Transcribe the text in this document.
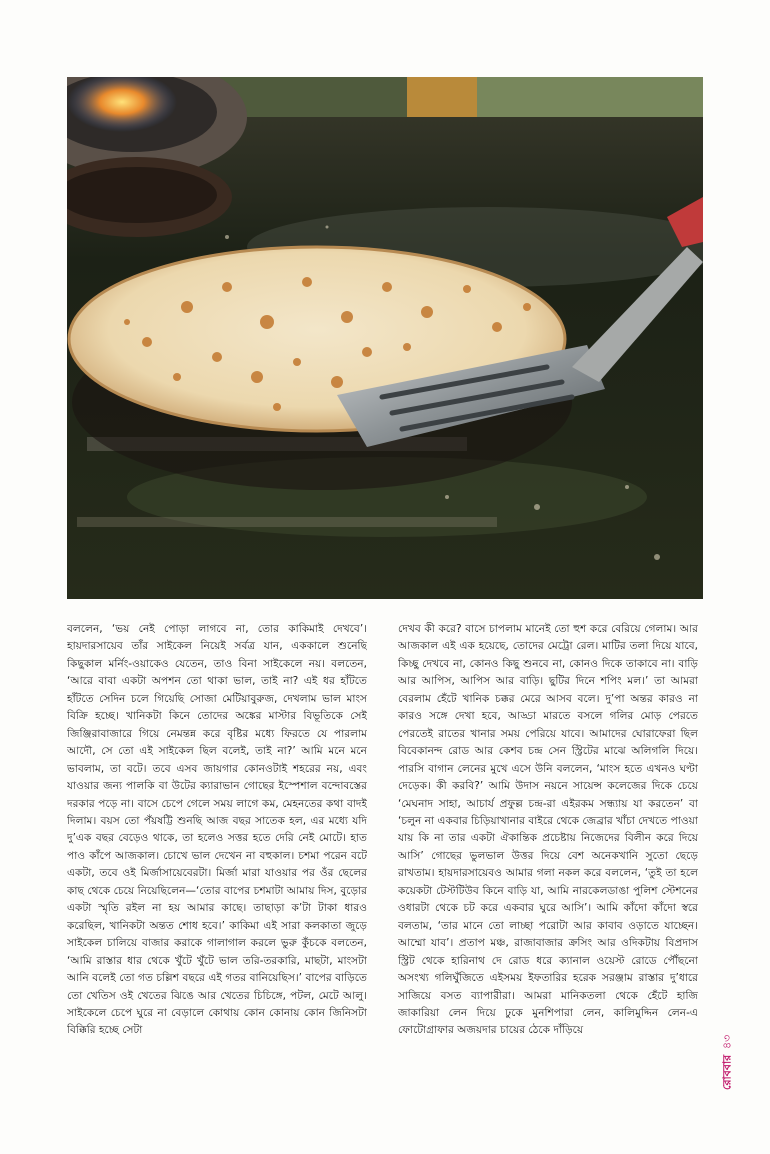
বললেন, ‘ভয় নেই পোড়া লাগবে না, তোর কাকিমাই দেখবে’। হায়দারসায়েব তাঁর সাইকেল নিয়েই সর্বত্র যান, এককালে শুনেছি কিছুকাল মর্নিং-ওয়াকেও যেতেন, তাও বিনা সাইকেলে নয়। বলতেন, ‘আরে বাবা একটা অপশন তো থাকা ভাল, তাই না? এই ধর হাঁটতে হাঁটতে সেদিন চলে গিয়েছি সোজা মেটিয়াবুরুজ, দেখলাম ভাল মাংস বিক্রি হচ্ছে। খানিকটা কিনে তোদের অঙ্কের মাস্টার বিভূতিকে সেই জিঞ্জিরাবাজারে গিয়ে নেমন্তন্ন করে বৃষ্টির মধ্যে ফিরতে যে পারলাম আদৌ, সে তো এই সাইকেল ছিল বলেই, তাই না?’ আমি মনে মনে ভাবলাম, তা বটে। তবে এসব জায়গার কোনওটাই শহরের নয়, এবং যাওয়ার জন্য পালকি বা উটের ক্যারাভান গোছের ইস্পেশাল বন্দোবস্তের দরকার পড়ে না। বাসে চেপে গেলে সময় লাগে কম, মেহনতের কথা বাদই দিলাম। বয়স তো পঁয়ষট্টি শুনছি আজ বছর সাতেক হল, এর মধ্যে যদি দু’এক বছর বেড়েও থাকে, তা হলেও সত্তর হতে দেরি নেই মোটে। হাত পাও কাঁপে আজকাল। চোখে ভাল দেখেন না বহুকাল। চশমা পরেন বটে একটা, তবে ওই মির্জাসায়েবেরটা। মির্জা মারা যাওয়ার পর ওঁর ছেলের কাছ থেকে চেয়ে নিয়েছিলেন—‘তোর বাপের চশমাটা আমায় দিস, বুড়োর একটা স্মৃতি রইল না হয় আমার কাছে। তাছাড়া ক’টা টাকা ধারও করেছিল, খানিকটা অন্তত শোধ হবে।’ কাকিমা এই সারা কলকাতা জুড়ে সাইকেল চালিয়ে বাজার করাকে গালাগাল করলে ভুরু কুঁচকে বলতেন, ‘আমি রাস্তার ধার থেকে খুঁটে খুঁটে ভাল তরি-তরকারি, মাছটা, মাংসটা আনি বলেই তো গত চল্লিশ বছরে এই গতর বানিয়েছিস।’ বাপের বাড়িতে তো খেতিস ওই খেতের ঝিঙে আর খেতের চিচিঙ্গে, পটল, মেটে আলু। সাইকেলে চেপে ঘুরে না বেড়ালে কোথায় কোন কোনায় কোন জিনিসটা বিক্কিরি হচ্ছে সেটা

দেখব কী করে? বাসে চাপলাম মানেই তো হুশ করে বেরিয়ে গেলাম। আর আজকাল এই এক হয়েছে, তোদের মেট্রো রেল। মাটির তলা দিয়ে যাবে, কিচ্ছু দেখবে না, কোনও কিছু শুনবে না, কোনও দিকে তাকাবে না। বাড়ি আর আপিস, আপিস আর বাড়ি। ছুটির দিনে শপিং মল।’ তা আমরা বেরলাম হেঁটে খানিক চক্কর মেরে আসব বলে। দু’পা অন্তর কারও না কারও সঙ্গে দেখা হবে, আড্ডা মারতে বসলে গলির মোড় পেরতে পেরতেই রাতের খানার সময় পেরিয়ে যাবে। আমাদের ঘোরাফেরা ছিল বিবেকানন্দ রোড আর কেশব চন্দ্র সেন স্ট্রিটের মাঝে অলিগলি দিয়ে। পারসি বাগান লেনের মুখে এসে উনি বললেন, ‘মাংস হতে এখনও ঘণ্টা দেড়েক। কী করবি?’ আমি উদাস নয়নে সায়েন্স কলেজের দিকে চেয়ে ‘মেঘনাদ সাহা, আচার্য প্রফুল্ল চন্দ্র-রা এইরকম সন্ধ্যায় যা করতেন’ বা ‘চলুন না একবার চিড়িয়াখানার বাইরে থেকে জেব্রার খাঁচা দেখতে পাওয়া যায় কি না তার একটা ঐকান্তিক প্রচেষ্টায় নিজেদের বিলীন করে দিয়ে আসি’ গোছের ভুলভাল উত্তর দিয়ে বেশ অনেকখানি সুতো ছেড়ে রাখতাম। হায়দারসায়েবও আমার গলা নকল করে বললেন, ‘তুই তা হলে কয়েকটা টেস্টটিউব কিনে বাড়ি যা, আমি নারকেলডাঙা পুলিশ স্টেশনের ওধারটা থেকে চট করে একবার ঘুরে আসি’। আমি কাঁদো কাঁদো স্বরে বলতাম, ‘তার মানে তো লাচ্ছা পরোটা আর কাবাব ওড়াতে যাচ্ছেন। আম্মো যাব’। প্রতাপ মঞ্চ, রাজাবাজার ক্রসিং আর ওদিকটায় বিপ্রদাস স্ট্রিট থেকে হারিনাথ দে রোড ধরে ক্যানাল ওয়েস্ট রোডে পৌঁছনো অসংখ্য গলিঘুঁজিতে এইসময় ইফতারির হরেক সরঞ্জাম রাস্তার দু’ধারে সাজিয়ে বসত ব্যাপারীরা। আমরা মানিকতলা থেকে হেঁটে হাজি জাকারিয়া লেন দিয়ে ঢুকে মুনশিপারা লেন, কালিমুদ্দিন লেন-এ ফোটোগ্রাফার অজয়দার চায়ের ঠেকে দাঁড়িয়ে

রোববার
৪৩
